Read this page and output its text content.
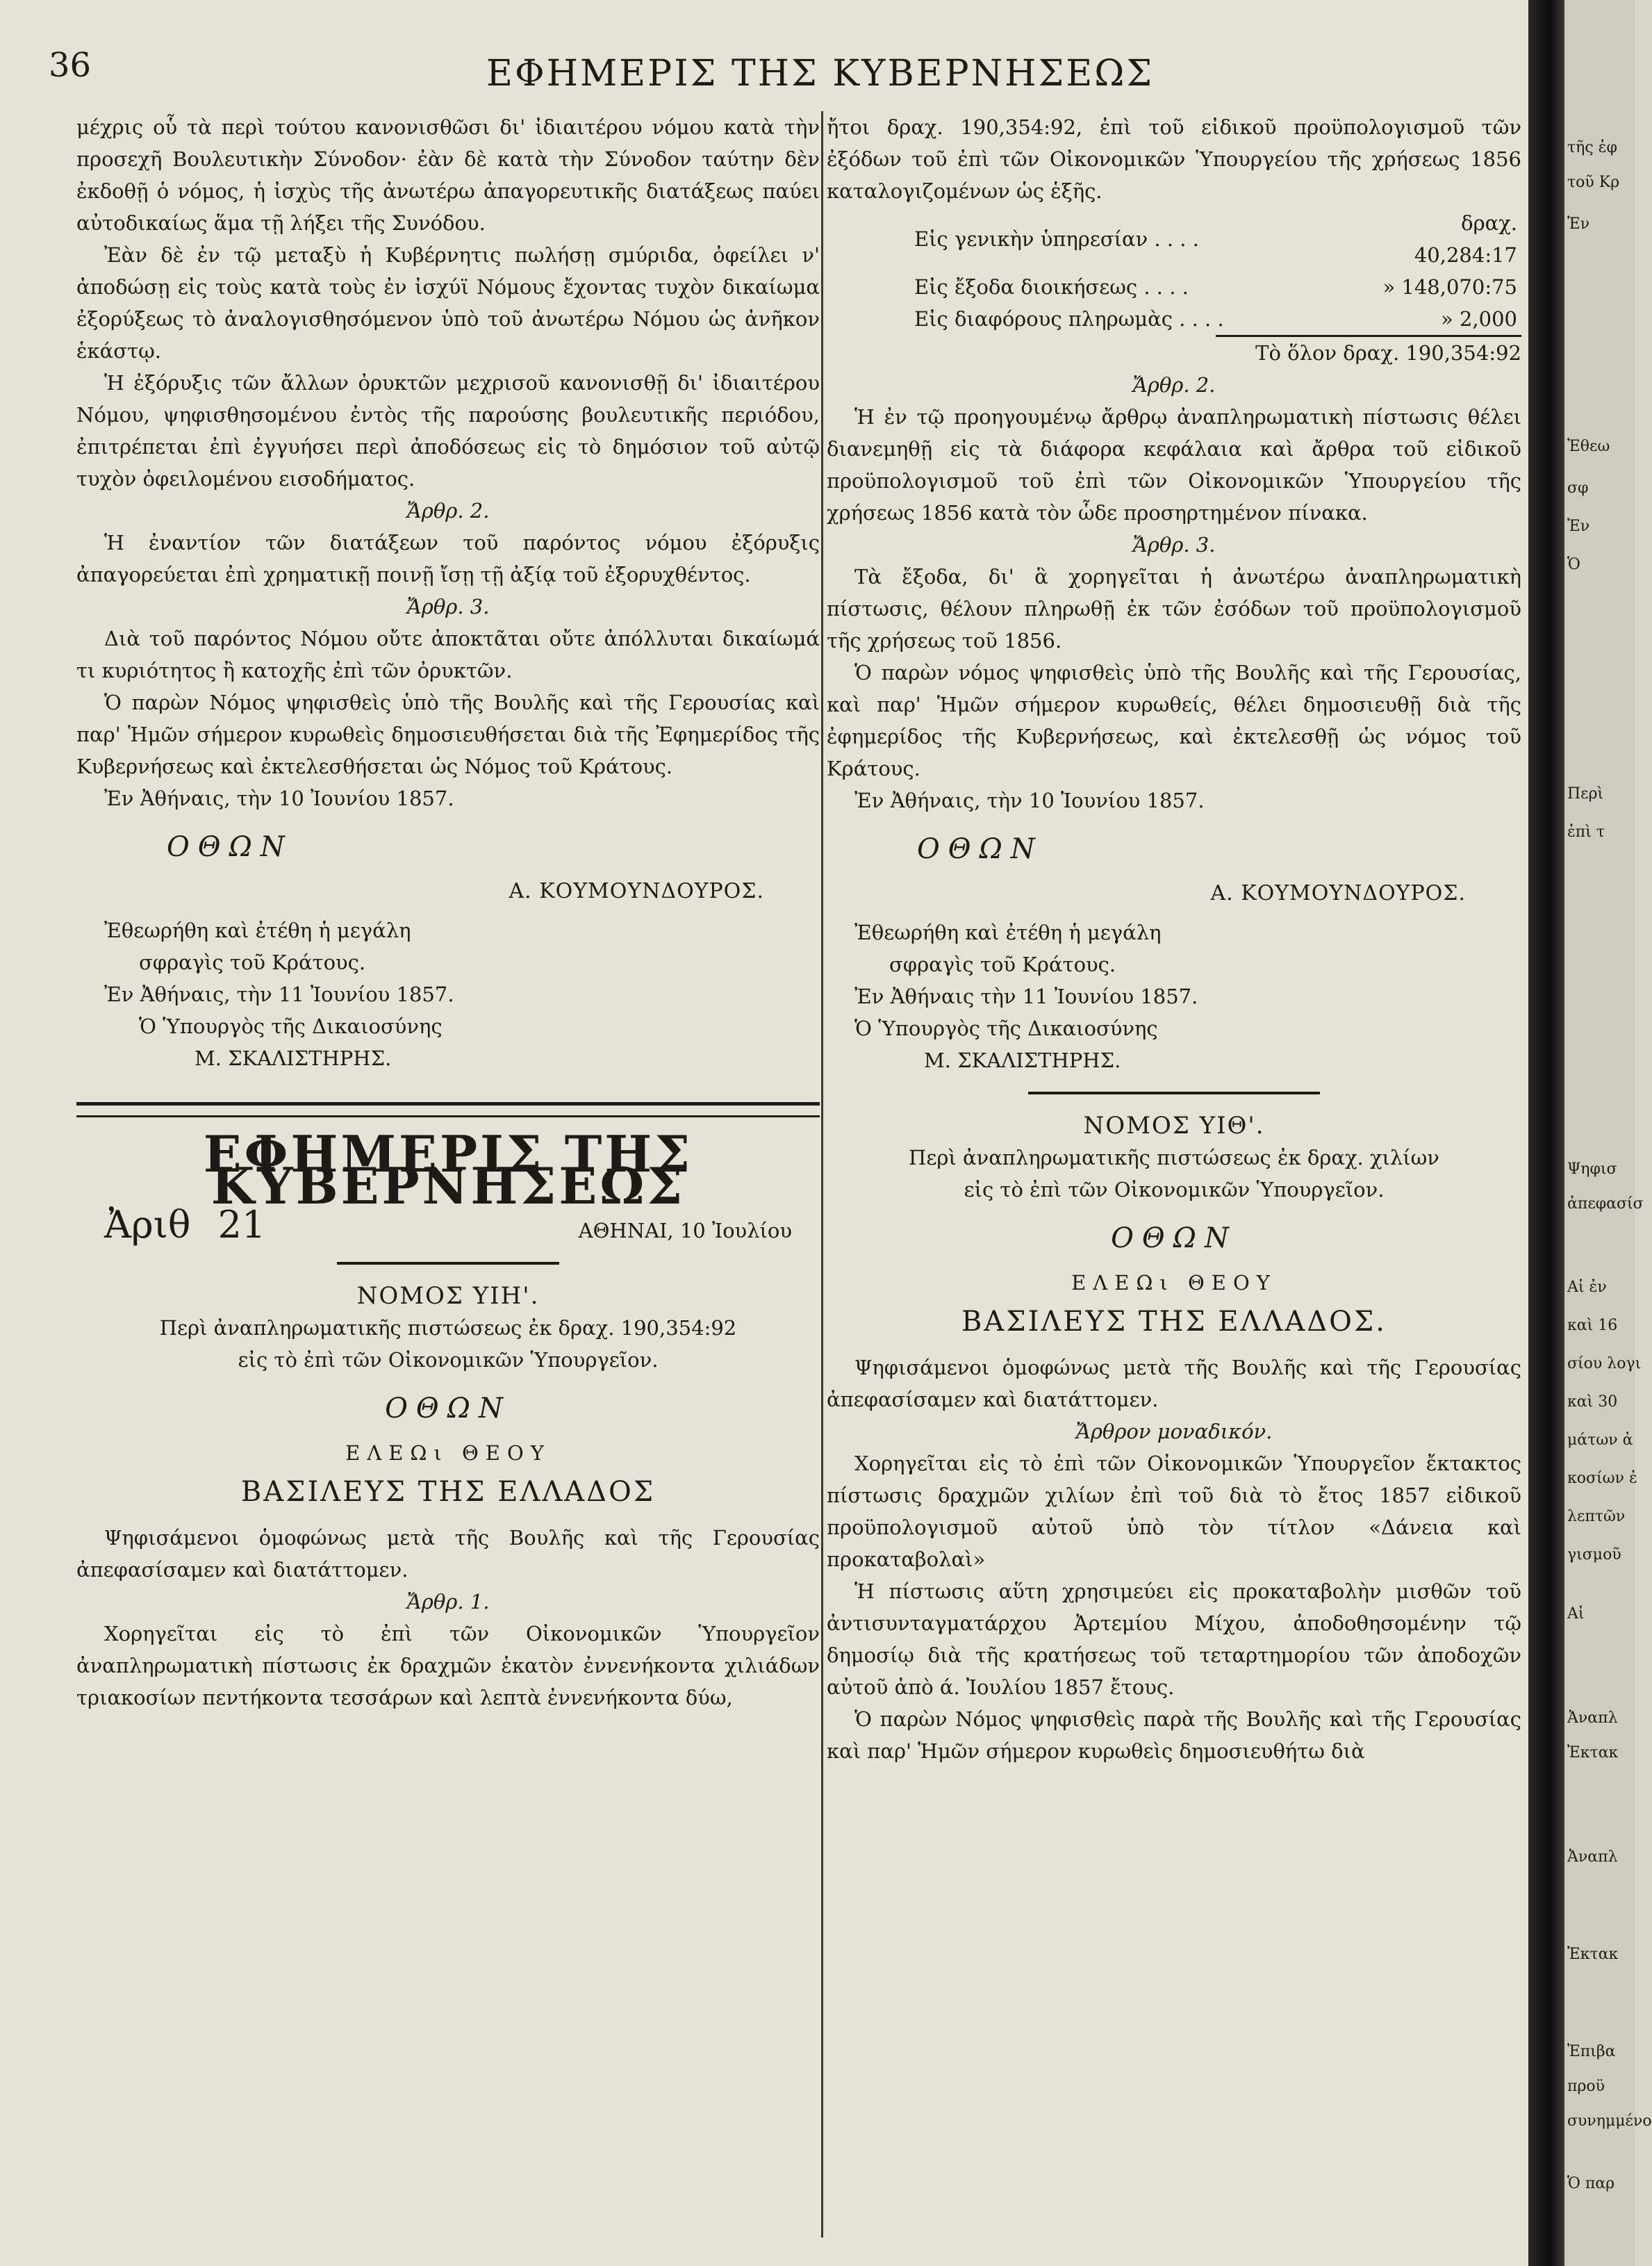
36	ΕΦΗΜΕΡΙΣ ΤΗΣ ΚΥΒΕΡΝΗΣΕΩΣ

μέχρις οὗ τὰ περὶ τούτου κανονισθῶσι δι' ἰδιαιτέρου νόμου κατὰ τὴν προσεχῆ Βουλευτικὴν Σύνοδον· ἐὰν δὲ κατὰ τὴν Σύνοδον ταύτην δὲν ἐκδοθῇ ὁ νόμος, ἡ ἰσχὺς τῆς ἀνωτέρω ἀπαγορευτικῆς διατάξεως παύει αὐτοδικαίως ἅμα τῇ λήξει τῆς Συνόδου.

Ἐὰν δὲ ἐν τῷ μεταξὺ ἡ Κυβέρνητις πωλήσῃ σμύριδα, ὀφείλει ν' ἀποδώσῃ εἰς τοὺς κατὰ τοὺς ἐν ἰσχύϊ Νόμους ἔχοντας τυχὸν δικαίωμα ἐξορύξεως τὸ ἀναλογισθησόμενον ὑπὸ τοῦ ἀνωτέρω Νόμου ὡς ἀνῆκον ἑκάστῳ.

Ἡ ἐξόρυξις τῶν ἄλλων ὀρυκτῶν μεχρισοῦ κανονισθῇ δι' ἰδιαιτέρου Νόμου, ψηφισθησομένου ἐντὸς τῆς παρούσης βουλευτικῆς περιόδου, ἐπιτρέπεται ἐπὶ ἐγγυήσει περὶ ἀποδόσεως εἰς τὸ δημόσιον τοῦ αὐτῷ τυχὸν ὀφειλομένου εισοδήματος.

Ἄρθρ. 2.

Ἡ ἐναντίον τῶν διατάξεων τοῦ παρόντος νόμου ἐξόρυξις ἀπαγορεύεται ἐπὶ χρηματικῇ ποινῇ ἴσῃ τῇ ἀξίᾳ τοῦ ἐξορυχθέντος.

Ἄρθρ. 3.

Διὰ τοῦ παρόντος Νόμου οὔτε ἀποκτᾶται οὔτε ἀπόλλυται δικαίωμά τι κυριότητος ἢ κατοχῆς ἐπὶ τῶν ὀρυκτῶν.

Ὁ παρὼν Νόμος ψηφισθεὶς ὑπὸ τῆς Βουλῆς καὶ τῆς Γερουσίας καὶ παρ' Ἡμῶν σήμερον κυρωθεὶς δημοσιευθήσεται διὰ τῆς Ἐφημερίδος τῆς Κυβερνήσεως καὶ ἐκτελεσθήσεται ὡς Νόμος τοῦ Κράτους.

Ἐν Ἀθήναις, τὴν 10 Ἰουνίου 1857.

ΟΘΩΝ

Α. ΚΟΥΜΟΥΝΔΟΥΡΟΣ.

Ἐθεωρήθη καὶ ἐτέθη ἡ μεγάλη

σφραγὶς τοῦ Κράτους.

Ἐν Ἀθήναις, τὴν 11 Ἰουνίου 1857.

Ὁ Ὑπουργὸς τῆς Δικαιοσύνης

Μ. ΣΚΑΛΙΣΤΗΡΗΣ.

ΕΦΗΜΕΡΙΣ ΤΗΣ ΚΥΒΕΡΝΗΣΕΩΣ
Ἀριθ 21	ΑΘΗΝΑΙ, 10 Ἰουλίου

ΝΟΜΟΣ ΥΙΗ'.

Περὶ ἀναπληρωματικῆς πιστώσεως ἐκ δραχ. 190,354:92

εἰς τὸ ἐπὶ τῶν Οἰκονομικῶν Ὑπουργεῖον.

ΟΘΩΝ

ΕΛΕΩι ΘΕΟΥ

ΒΑΣΙΛΕΥΣ ΤΗΣ ΕΛΛΑΔΟΣ

Ψηφισάμενοι ὁμοφώνως μετὰ τῆς Βουλῆς καὶ τῆς Γερουσίας ἀπεφασίσαμεν καὶ διατάττομεν.

Ἄρθρ. 1.

Χορηγεῖται εἰς τὸ ἐπὶ τῶν Οἰκονομικῶν Ὑπουργεῖον ἀναπληρωματικὴ πίστωσις ἐκ δραχμῶν ἑκατὸν ἐννενήκοντα χιλιάδων τριακοσίων πεντήκοντα τεσσάρων καὶ λεπτὰ ἐννενήκοντα δύω,

ἤτοι δραχ. 190,354:92, ἐπὶ τοῦ εἰδικοῦ προϋπολογισμοῦ τῶν ἐξόδων τοῦ ἐπὶ τῶν Οἰκονομικῶν Ὑπουργείου τῆς χρήσεως 1856 καταλογιζομένων ὡς ἑξῆς.

Εἰς γενικὴν ὑπηρεσίαν . . . .	δραχ. 40,284:17
Εἰς ἔξοδα διοικήσεως . . . .	» 148,070:75
Εἰς διαφόρους πληρωμὰς . . . .	» 2,000

Τὸ ὅλον δραχ. 190,354:92

Ἄρθρ. 2.

Ἡ ἐν τῷ προηγουμένῳ ἄρθρῳ ἀναπληρωματικὴ πίστωσις θέλει διανεμηθῇ εἰς τὰ διάφορα κεφάλαια καὶ ἄρθρα τοῦ εἰδικοῦ προϋπολογισμοῦ τοῦ ἐπὶ τῶν Οἰκονομικῶν Ὑπουργείου τῆς χρήσεως 1856 κατὰ τὸν ὧδε προσηρτημένον πίνακα.

Ἄρθρ. 3.

Τὰ ἔξοδα, δι' ἃ χορηγεῖται ἡ ἀνωτέρω ἀναπληρωματικὴ πίστωσις, θέλουν πληρωθῇ ἐκ τῶν ἐσόδων τοῦ προϋπολογισμοῦ τῆς χρήσεως τοῦ 1856.

Ὁ παρὼν νόμος ψηφισθεὶς ὑπὸ τῆς Βουλῆς καὶ τῆς Γερουσίας, καὶ παρ' Ἡμῶν σήμερον κυρωθείς, θέλει δημοσιευθῇ διὰ τῆς ἐφημερίδος τῆς Κυβερνήσεως, καὶ ἐκτελεσθῇ ὡς νόμος τοῦ Κράτους.

Ἐν Ἀθήναις, τὴν 10 Ἰουνίου 1857.

ΟΘΩΝ

Α. ΚΟΥΜΟΥΝΔΟΥΡΟΣ.

Ἐθεωρήθη καὶ ἐτέθη ἡ μεγάλη

σφραγὶς τοῦ Κράτους.

Ἐν Ἀθήναις τὴν 11 Ἰουνίου 1857.

Ὁ Ὑπουργὸς τῆς Δικαιοσύνης

Μ. ΣΚΑΛΙΣΤΗΡΗΣ.

ΝΟΜΟΣ ΥΙΘ'.

Περὶ ἀναπληρωματικῆς πιστώσεως ἐκ δραχ. χιλίων

εἰς τὸ ἐπὶ τῶν Οἰκονομικῶν Ὑπουργεῖον.

ΟΘΩΝ

ΕΛΕΩι ΘΕΟΥ

ΒΑΣΙΛΕΥΣ ΤΗΣ ΕΛΛΑΔΟΣ.

Ψηφισάμενοι ὁμοφώνως μετὰ τῆς Βουλῆς καὶ τῆς Γερουσίας ἀπεφασίσαμεν καὶ διατάττομεν.

Ἄρθρον μοναδικόν.

Χορηγεῖται εἰς τὸ ἐπὶ τῶν Οἰκονομικῶν Ὑπουργεῖον ἔκτακτος πίστωσις δραχμῶν χιλίων ἐπὶ τοῦ διὰ τὸ ἔτος 1857 εἰδικοῦ προϋπολογισμοῦ αὐτοῦ ὑπὸ τὸν τίτλον «Δάνεια καὶ προκαταβολαὶ»

Ἡ πίστωσις αὕτη χρησιμεύει εἰς προκαταβολὴν μισθῶν τοῦ ἀντισυνταγματάρχου Ἀρτεμίου Μίχου, ἀποδοθησομένην τῷ δημοσίῳ διὰ τῆς κρατήσεως τοῦ τεταρτημορίου τῶν ἀποδοχῶν αὐτοῦ ἀπὸ ά. Ἰουλίου 1857 ἔτους.

Ὁ παρὼν Νόμος ψηφισθεὶς παρὰ τῆς Βουλῆς καὶ τῆς Γερουσίας καὶ παρ' Ἡμῶν σήμερον κυρωθεὶς δημοσιευθήτω διὰ

τῆς ἐφ
τοῦ Κρ
Ἐν
Ἐθεω
σφ
Ἐν
Ὁ
Περὶ
ἐπὶ τ
Ψηφισ
ἀπεφασίσ
Αἱ ἐν
καὶ 16
σίου λογι
καὶ 30
μάτων ἀ
κοσίων ἐ
λεπτῶν
γισμοῦ
Αἱ
Ἀναπλ
Ἐκτακ
Ἀναπλ
Ἐκτακ
Ἐπιβα
προϋ
συνημμένο
Ὁ παρ
